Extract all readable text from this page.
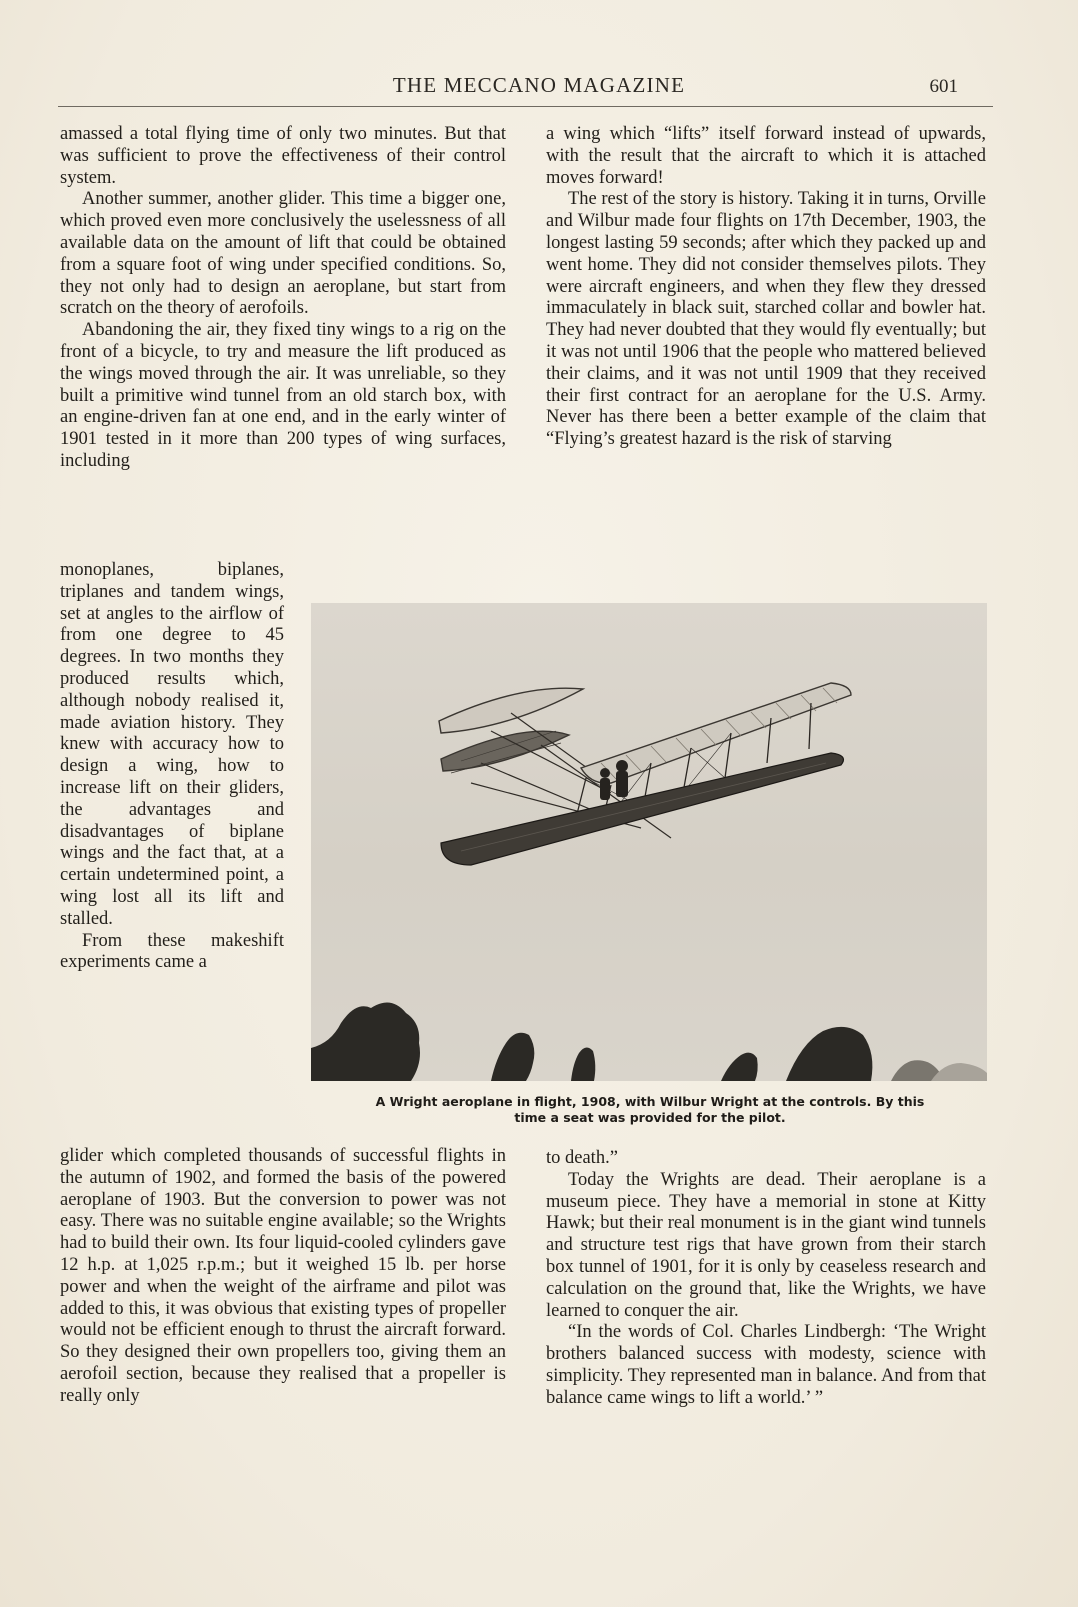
THE MECCANO MAGAZINE	601

amassed a total flying time of only two minutes. But that was sufficient to prove the effectiveness of their control system.

Another summer, another glider. This time a bigger one, which proved even more conclusively the uselessness of all available data on the amount of lift that could be obtained from a square foot of wing under specified conditions. So, they not only had to design an aeroplane, but start from scratch on the theory of aerofoils.

Abandoning the air, they fixed tiny wings to a rig on the front of a bicycle, to try and measure the lift produced as the wings moved through the air. It was unreliable, so they built a primitive wind tunnel from an old starch box, with an engine-driven fan at one end, and in the early winter of 1901 tested in it more than 200 types of wing surfaces, including

monoplanes, biplanes, triplanes and tandem wings, set at angles to the airflow of from one degree to 45 degrees. In two months they produced results which, although nobody realised it, made aviation history. They knew with accuracy how to design a wing, how to increase lift on their gliders, the advantages and disadvantages of biplane wings and the fact that, at a certain undetermined point, a wing lost all its lift and stalled.

From these makeshift experiments came a

glider which completed thousands of successful flights in the autumn of 1902, and formed the basis of the powered aeroplane of 1903. But the conversion to power was not easy. There was no suitable engine available; so the Wrights had to build their own. Its four liquid-cooled cylinders gave 12 h.p. at 1,025 r.p.m.; but it weighed 15 lb. per horse power and when the weight of the airframe and pilot was added to this, it was obvious that existing types of propeller would not be efficient enough to thrust the aircraft forward. So they designed their own propellers too, giving them an aerofoil section, because they realised that a propeller is really only

a wing which “lifts” itself forward instead of upwards, with the result that the aircraft to which it is attached moves forward!

The rest of the story is history. Taking it in turns, Orville and Wilbur made four flights on 17th December, 1903, the longest lasting 59 seconds; after which they packed up and went home. They did not consider themselves pilots. They were aircraft engineers, and when they flew they dressed immaculately in black suit, starched collar and bowler hat. They had never doubted that they would fly eventually; but it was not until 1906 that the people who mattered believed their claims, and it was not until 1909 that they received their first contract for an aeroplane for the U.S. Army. Never has there been a better example of the claim that “Flying’s greatest hazard is the risk of starving

to death.”

Today the Wrights are dead. Their aeroplane is a museum piece. They have a memorial in stone at Kitty Hawk; but their real monument is in the giant wind tunnels and structure test rigs that have grown from their starch box tunnel of 1901, for it is only by ceaseless research and calculation on the ground that, like the Wrights, we have learned to conquer the air.

“In the words of Col. Charles Lindbergh: ‘The Wright brothers balanced success with modesty, science with simplicity. They represented man in balance. And from that balance came wings to lift a world.’ ”

A Wright aeroplane in flight, 1908, with Wilbur Wright at the controls. By this
time a seat was provided for the pilot.
